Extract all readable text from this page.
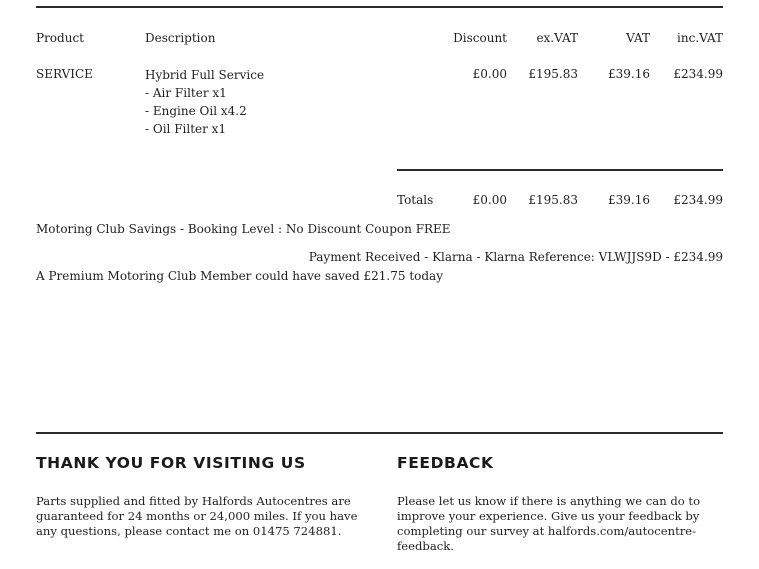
Product	Description	Discount ex.VAT	VAT inc.VAT
SERVICE	Hybrid Full Service
- Air Filter x1
- Engine Oil x4.2
- Oil Filter x1
£0.00 £195.83	£39.16 £234.99
Totals	£0.00 £195.83	£39.16 £234.99
Motoring Club Savings - Booking Level : No Discount Coupon FREE
Payment Received - Klarna - Klarna Reference: VLWJJS9D - £234.99
A Premium Motoring Club Member could have saved £21.75 today
THANK YOU FOR VISITING US

Parts supplied and fitted by Halfords Autocentres are guaranteed for 24 months or 24,000 miles. If you have any questions, please contact me on 01475 724881.

FEEDBACK

Please let us know if there is anything we can do to improve your experience. Give us your feedback by completing our survey at halfords.com/autocentre-feedback.
